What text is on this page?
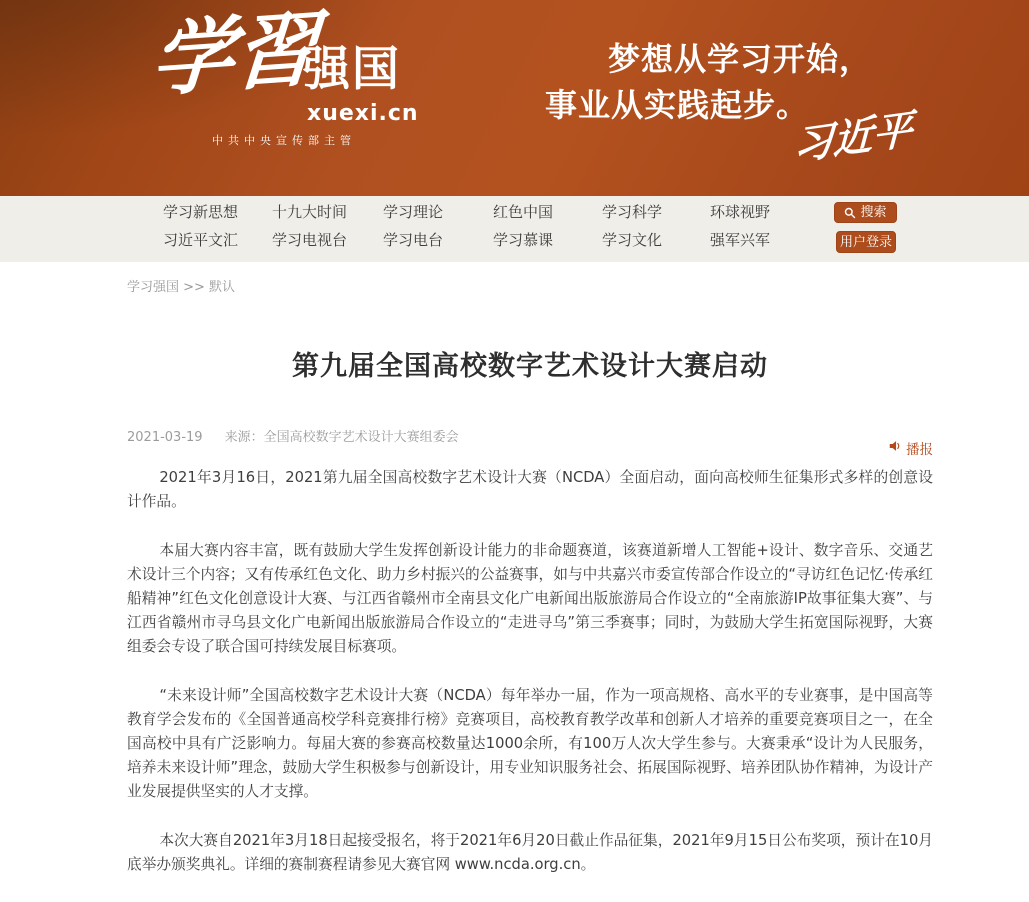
学習
强国
xuexi.cn
中共中央宣传部主管
梦想从学习开始，
事业从实践起步。
习近平
学习新思想	十九大时间	学习理论	红色中国	学习科学	环球视野
习近平文汇	学习电视台	学习电台	学习慕课	学习文化	强军兴军
搜索
用户登录
学习强国 >> 默认
第九届全国高校数字艺术设计大赛启动
2021-03-19 来源：全国高校数字艺术设计大赛组委会
播报

2021年3月16日，2021第九届全国高校数字艺术设计大赛（NCDA）全面启动，面向高校师生征集形式多样的创意设计作品。

本届大赛内容丰富，既有鼓励大学生发挥创新设计能力的非命题赛道，该赛道新增人工智能+设计、数字音乐、交通艺术设计三个内容；又有传承红色文化、助力乡村振兴的公益赛事，如与中共嘉兴市委宣传部合作设立的“寻访红色记忆·传承红船精神”红色文化创意设计大赛、与江西省赣州市全南县文化广电新闻出版旅游局合作设立的“全南旅游IP故事征集大赛”、与江西省赣州市寻乌县文化广电新闻出版旅游局合作设立的“走进寻乌”第三季赛事；同时，为鼓励大学生拓宽国际视野，大赛组委会专设了联合国可持续发展目标赛项。

“未来设计师”全国高校数字艺术设计大赛（NCDA）每年举办一届，作为一项高规格、高水平的专业赛事，是中国高等教育学会发布的《全国普通高校学科竞赛排行榜》竞赛项目，高校教育教学改革和创新人才培养的重要竞赛项目之一，在全国高校中具有广泛影响力。每届大赛的参赛高校数量达1000余所，有100万人次大学生参与。大赛秉承“设计为人民服务，培养未来设计师”理念，鼓励大学生积极参与创新设计，用专业知识服务社会、拓展国际视野、培养团队协作精神，为设计产业发展提供坚实的人才支撑。

本次大赛自2021年3月18日起接受报名，将于2021年6月20日截止作品征集，2021年9月15日公布奖项，预计在10月底举办颁奖典礼。详细的赛制赛程请参见大赛官网 www.ncda.org.cn。
